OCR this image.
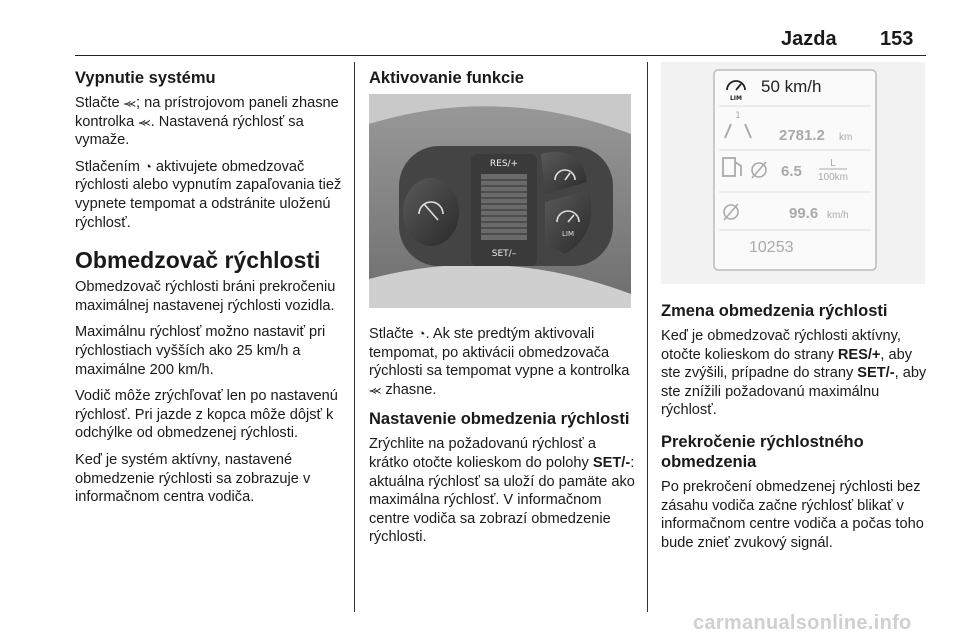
Jazda 153
Vypnutie systému

Stlačte ⪻; na prístrojovom paneli zhasne kontrolka ⪻. Nastavená rýchlosť sa vymaže.

Stlačením ◔ aktivujete obmedzovač rýchlosti alebo vypnutím zapaľovania tiež vypnete tempomat a odstránite uloženú rýchlosť.

Obmedzovač rýchlosti

Obmedzovač rýchlosti bráni prekročeniu maximálnej nastavenej rýchlosti vozidla.

Maximálnu rýchlosť možno nastaviť pri rýchlostiach vyšších ako 25 km/h a maximálne 200 km/h.

Vodič môže zrýchľovať len po nastavenú rýchlosť. Pri jazde z kopca môže dôjsť k odchýlke od obmedzenej rýchlosti.

Keď je systém aktívny, nastavené obmedzenie rýchlosti sa zobrazuje v informačnom centra vodiča.

Aktivovanie funkcie
RES/+
SET/–
LIM

Stlačte ◔. Ak ste predtým aktivovali tempomat, po aktivácii obmedzovača rýchlosti sa tempomat vypne a kontrolka ⪻ zhasne.

Nastavenie obmedzenia rýchlosti

Zrýchlite na požadovanú rýchlosť a krátko otočte kolieskom do polohy SET/-: aktuálna rýchlosť sa uloží do pamäte ako maximálna rýchlosť. V informačnom centre vodiča sa zobrazí obmedzenie rýchlosti.

LIM
50 km/h
1
2781.2 km
6.5	L
100km
99.6 km/h
10253
Zmena obmedzenia rýchlosti

Keď je obmedzovač rýchlosti aktívny, otočte kolieskom do strany RES/+, aby ste zvýšili, prípadne do strany SET/-, aby ste znížili požadovanú maximálnu rýchlosť.

Prekročenie rýchlostného obmedzenia

Po prekročení obmedzenej rýchlosti bez zásahu vodiča začne rýchlosť blikať v informačnom centre vodiča a počas toho bude znieť zvukový signál.

carmanualsonline.info
